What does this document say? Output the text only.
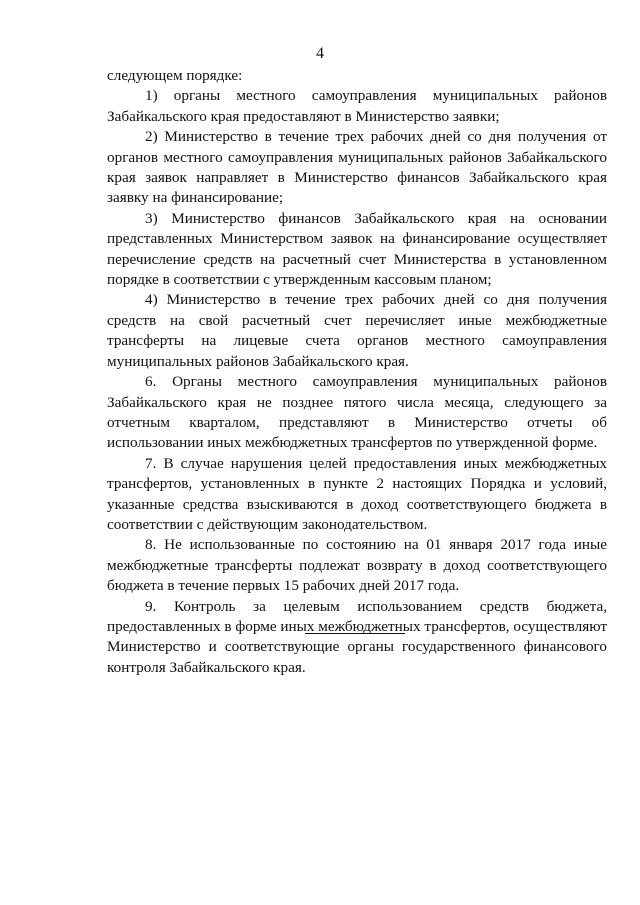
4

следующем порядке:

1) органы местного самоуправления муниципальных районов Забайкальского края предоставляют в Министерство заявки;

2) Министерство в течение трех рабочих дней со дня получения от органов местного самоуправления муниципальных районов Забайкальского края заявок направляет в Министерство финансов Забайкальского края заявку на финансирование;

3) Министерство финансов Забайкальского края на основании представленных Министерством заявок на финансирование осуществляет перечисление средств на расчетный счет Министерства в установленном порядке в соответствии с утвержденным кассовым планом;

4) Министерство в течение трех рабочих дней со дня получения средств на свой расчетный счет перечисляет иные межбюджетные трансферты на лицевые счета органов местного самоуправления муниципальных районов Забайкальского края.

6. Органы местного самоуправления муниципальных районов Забайкальского края не позднее пятого числа месяца, следующего за отчетным кварталом, представляют в Министерство отчеты об использовании иных межбюджетных трансфертов по утвержденной форме.

7. В случае нарушения целей предоставления иных межбюджетных трансфертов, установленных в пункте 2 настоящих Порядка и условий, указанные средства взыскиваются в доход соответствующего бюджета в соответствии с действующим законодательством.

8. Не использованные по состоянию на 01 января 2017 года иные межбюджетные трансферты подлежат возврату в доход соответствующего бюджета в течение первых 15 рабочих дней 2017 года.

9. Контроль за целевым использованием средств бюджета, предоставленных в форме иных межбюджетных трансфертов, осуществляют Министерство и соответствующие органы государственного финансового контроля Забайкальского края.
